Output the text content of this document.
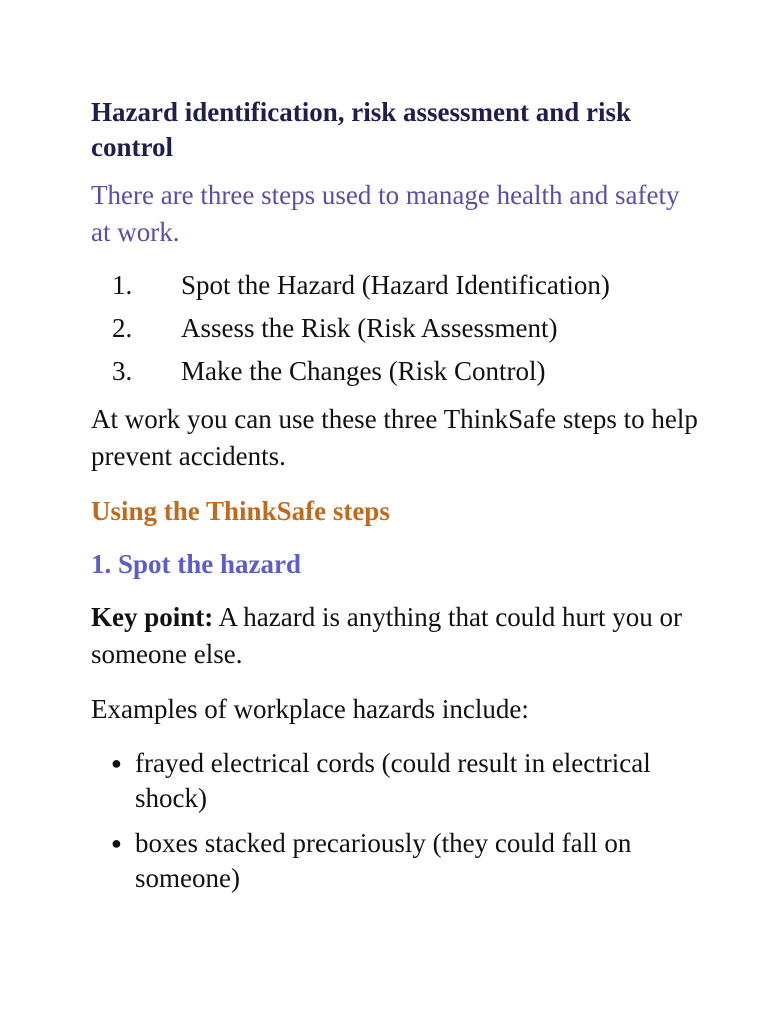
Hazard identification, risk assessment and risk control

There are three steps used to manage health and safety at work.

1.	Spot the Hazard (Hazard Identification)
2.	Assess the Risk (Risk Assessment)
3.	Make the Changes (Risk Control)

At work you can use these three ThinkSafe steps to help prevent accidents.

Using the ThinkSafe steps
1. Spot the hazard

Key point: A hazard is anything that could hurt you or someone else.

Examples of workplace hazards include:

● frayed electrical cords (could result in electrical shock)
● boxes stacked precariously (they could fall on someone)
